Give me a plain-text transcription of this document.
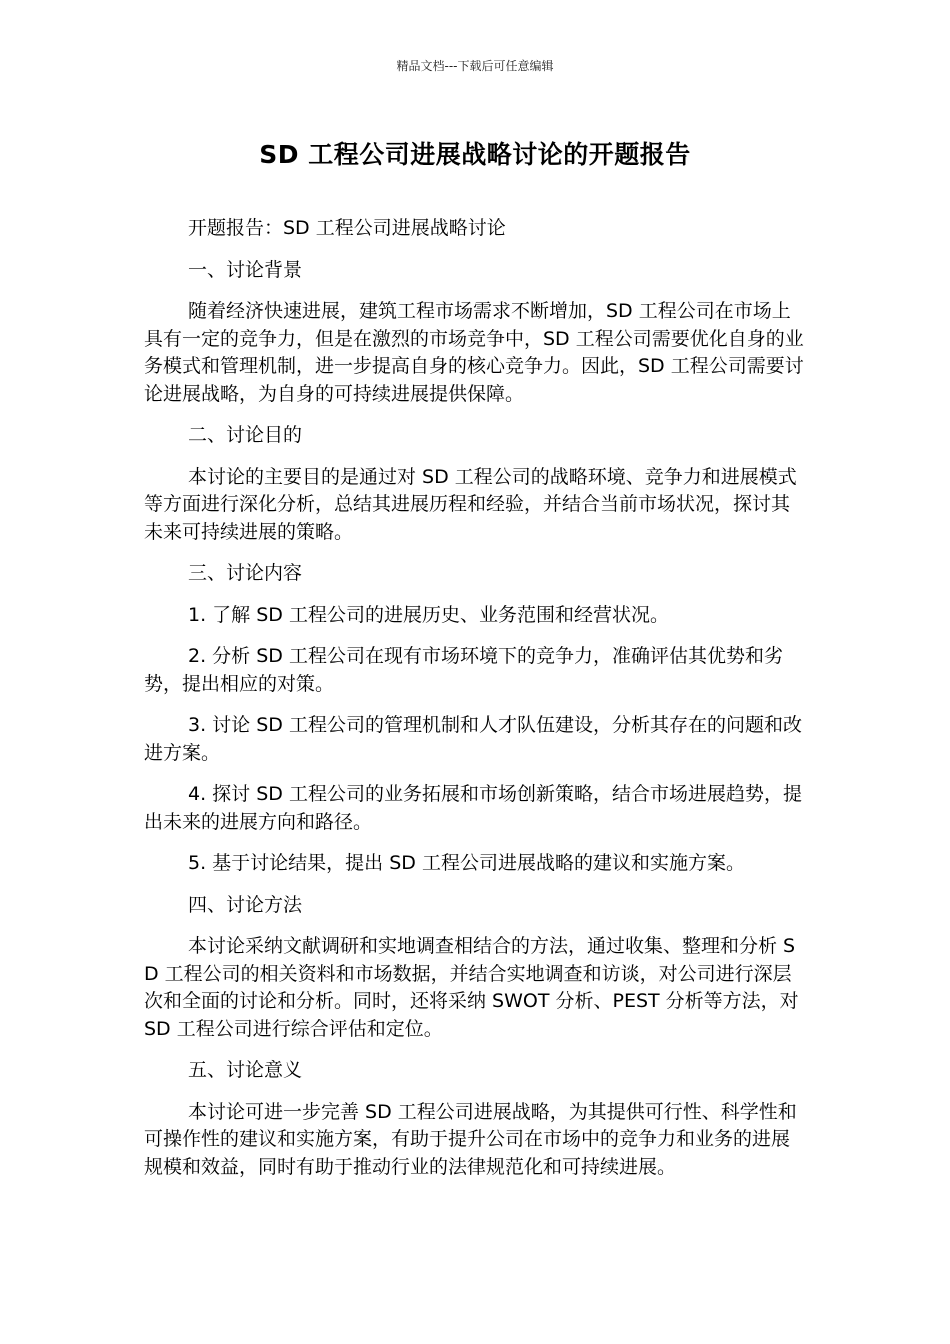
精品文档---下载后可任意编辑
SD 工程公司进展战略讨论的开题报告

开题报告：SD 工程公司进展战略讨论

一、讨论背景

随着经济快速进展，建筑工程市场需求不断增加，SD 工程公司在市场上具有一定的竞争力，但是在激烈的市场竞争中，SD 工程公司需要优化自身的业务模式和管理机制，进一步提高自身的核心竞争力。因此，SD 工程公司需要讨论进展战略，为自身的可持续进展提供保障。

二、讨论目的

本讨论的主要目的是通过对 SD 工程公司的战略环境、竞争力和进展模式等方面进行深化分析，总结其进展历程和经验，并结合当前市场状况，探讨其未来可持续进展的策略。

三、讨论内容

1. 了解 SD 工程公司的进展历史、业务范围和经营状况。

2. 分析 SD 工程公司在现有市场环境下的竞争力，准确评估其优势和劣势，提出相应的对策。

3. 讨论 SD 工程公司的管理机制和人才队伍建设，分析其存在的问题和改进方案。

4. 探讨 SD 工程公司的业务拓展和市场创新策略，结合市场进展趋势，提出未来的进展方向和路径。

5. 基于讨论结果，提出 SD 工程公司进展战略的建议和实施方案。

四、讨论方法

本讨论采纳文献调研和实地调查相结合的方法，通过收集、整理和分析 SD 工程公司的相关资料和市场数据，并结合实地调查和访谈，对公司进行深层次和全面的讨论和分析。同时，还将采纳 SWOT 分析、PEST 分析等方法，对 SD 工程公司进行综合评估和定位。

五、讨论意义

本讨论可进一步完善 SD 工程公司进展战略，为其提供可行性、科学性和可操作性的建议和实施方案，有助于提升公司在市场中的竞争力和业务的进展规模和效益，同时有助于推动行业的法律规范化和可持续进展。
